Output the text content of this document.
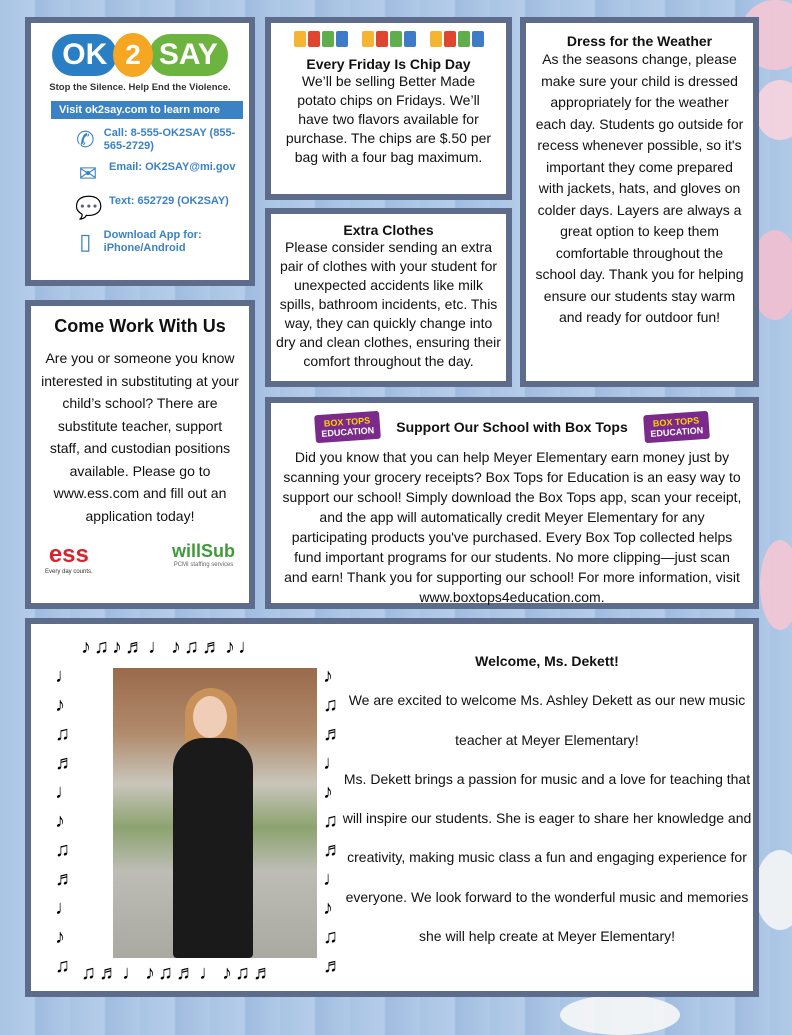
OK 2 SAY
Stop the Silence. Help End the Violence.
Visit ok2say.com to learn more
✆ Call: 8-555-OK2SAY (855-565-2729)
✉	Email: OK2SAY@mi.gov
💬 Text: 652729 (OK2SAY)
▯	Download App for: iPhone/Android
Every Friday Is Chip Day
We’ll be selling Better Made potato chips on Fridays. We’ll have two flavors available for purchase. The chips are $.50 per bag with a four bag maximum.
Extra Clothes
Please consider sending an extra pair of clothes with your student for unexpected accidents like milk spills, bathroom incidents, etc. This way, they can quickly change into dry and clean clothes, ensuring their comfort throughout the day.
Dress for the Weather
As the seasons change, please make sure your child is dressed appropriately for the weather each day. Students go outside for recess whenever possible, so it's important they come prepared with jackets, hats, and gloves on colder days. Layers are always a great option to keep them comfortable throughout the school day. Thank you for helping ensure our students stay warm and ready for outdoor fun!
Come Work With Us
Are you or someone you know interested in substituting at your child’s school? There are substitute teacher, support staff, and custodian positions available. Please go to www.ess.com and fill out an application today!
ess
Every day counts.
willSub
PCMI staffing services
BOX TOPS
EDUCATION	Support Our School with Box Tops	BOX TOPS
EDUCATION
Did you know that you can help Meyer Elementary earn money just by scanning your grocery receipts? Box Tops for Education is an easy way to support our school! Simply download the Box Tops app, scan your receipt, and the app will automatically credit Meyer Elementary for any participating products you've purchased. Every Box Top collected helps fund important programs for our students. No more clipping—just scan and earn! Thank you for supporting our school! For more information, visit www.boxtops4education.com.
♪♫♪♬♩♪♫♬♪♩
♩ ♪ ♫ ♬ ♩ ♪ ♫ ♬ ♩ ♪ ♫
♪ ♫ ♬ ♩ ♪ ♫ ♬ ♩ ♪ ♫ ♬
♫♬♩♪♫♬♩♪♫♬
Welcome, Ms. Dekett!
We are excited to welcome Ms. Ashley Dekett as our new music teacher at Meyer Elementary!
Ms. Dekett brings a passion for music and a love for teaching that will inspire our students. She is eager to share her knowledge and creativity, making music class a fun and engaging experience for everyone. We look forward to the wonderful music and memories she will help create at Meyer Elementary!
